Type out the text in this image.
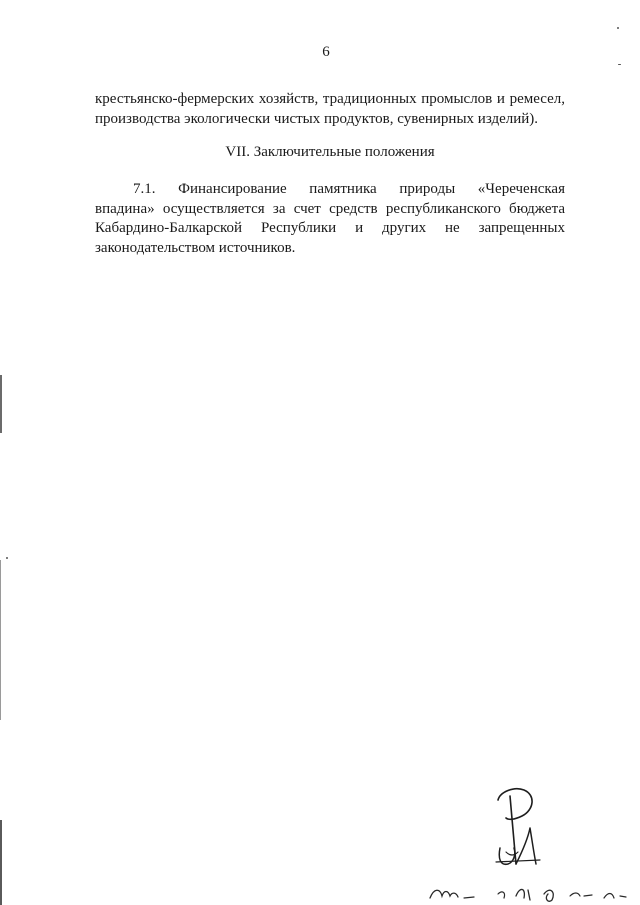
6
крестьянско-фермерских хозяйств, традиционных промыслов и ремесел, производства экологически чистых продуктов, сувенирных изделий).
VII. Заключительные положения
7.1. Финансирование памятника природы «Череченская
впадина» осуществляется за счет средств республиканского бюджета
Кабардино-Балкарской Республики и других не запрещенных
законодательством источников.
